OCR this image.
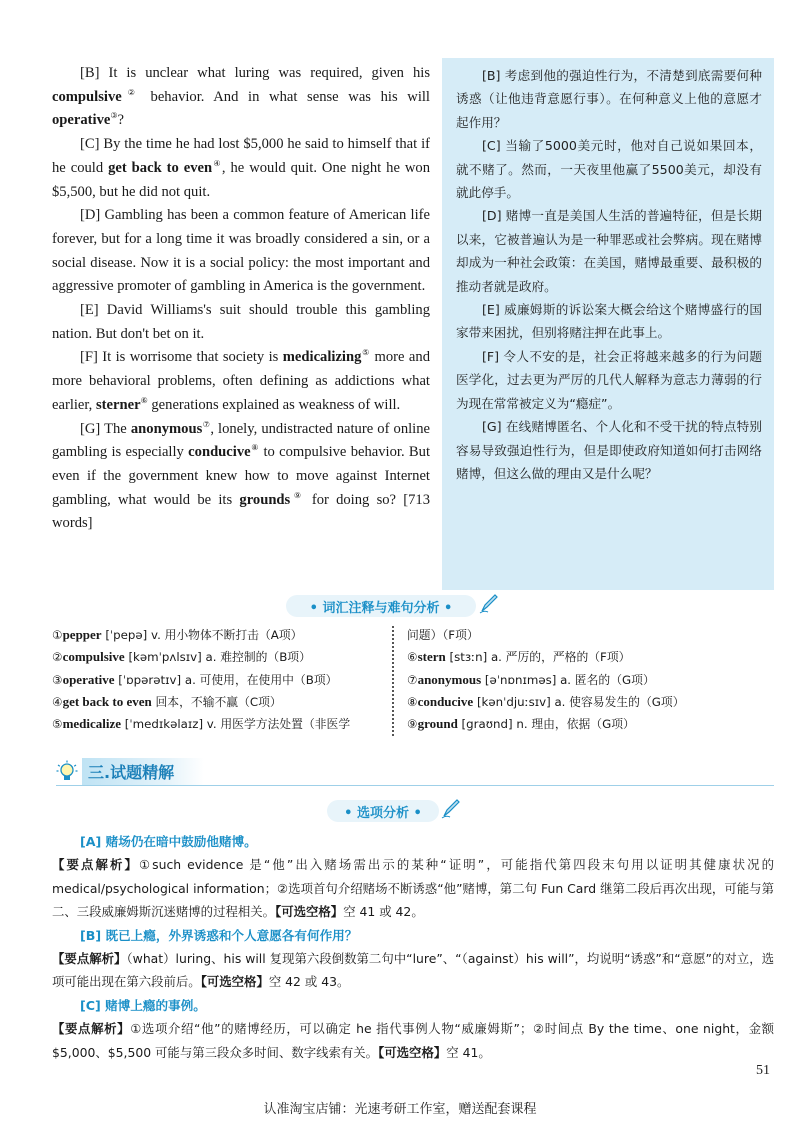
[B] It is unclear what luring was required, given his compulsive② behavior. And in what sense was his will operative③?

[C] By the time he had lost $5,000 he said to himself that if he could get back to even④, he would quit. One night he won $5,500, but he did not quit.

[D] Gambling has been a common feature of American life forever, but for a long time it was broadly considered a sin, or a social disease. Now it is a social policy: the most important and aggressive promoter of gambling in America is the government.

[E] David Williams's suit should trouble this gambling nation. But don't bet on it.

[F] It is worrisome that society is medicalizing⑤ more and more behavioral problems, often defining as addictions what earlier, sterner⑥ generations explained as weakness of will.

[G] The anonymous⑦, lonely, undistracted nature of online gambling is especially conducive⑧ to compulsive behavior. But even if the government knew how to move against Internet gambling, what would be its grounds⑨ for doing so? [713 words]

[B] 考虑到他的强迫性行为，不清楚到底需要何种诱惑（让他违背意愿行事）。在何种意义上他的意愿才起作用？

[C] 当输了5000美元时，他对自己说如果回本，就不赌了。然而，一天夜里他赢了5500美元，却没有就此停手。

[D] 赌博一直是美国人生活的普遍特征，但是长期以来，它被普遍认为是一种罪恶或社会弊病。现在赌博却成为一种社会政策：在美国，赌博最重要、最积极的推动者就是政府。

[E] 威廉姆斯的诉讼案大概会给这个赌博盛行的国家带来困扰，但别将赌注押在此事上。

[F] 令人不安的是，社会正将越来越多的行为问题医学化，过去更为严厉的几代人解释为意志力薄弱的行为现在常常被定义为“瘾症”。

[G] 在线赌博匿名、个人化和不受干扰的特点特别容易导致强迫性行为，但是即使政府知道如何打击网络赌博，但这么做的理由又是什么呢？

• 词汇注释与难句分析 •
①pepper [ˈpepə] v. 用小物体不断打击（A项）
②compulsive [kəmˈpʌlsɪv] a. 难控制的（B项）
③operative [ˈɒpərətɪv] a. 可使用，在使用中（B项）
④get back to even 回本，不输不赢（C项）
⑤medicalize [ˈmedɪkəlaɪz] v. 用医学方法处置（非医学
问题）（F项）
⑥stern [stɜːn] a. 严厉的，严格的（F项）
⑦anonymous [əˈnɒnɪməs] a. 匿名的（G项）
⑧conducive [kənˈdjuːsɪv] a. 使容易发生的（G项）
⑨ground [graʊnd] n. 理由，依据（G项）
三.试题精解
• 选项分析 •
[A] 赌场仍在暗中鼓励他赌博。

【要点解析】①such evidence 是“他”出入赌场需出示的某种“证明”，可能指代第四段末句用以证明其健康状况的 medical/psychological information；②选项首句介绍赌场不断诱惑“他”赌博，第二句 Fun Card 继第二段后再次出现，可能与第二、三段威廉姆斯沉迷赌博的过程相关。【可选空格】空 41 或 42。

[B] 既已上瘾，外界诱惑和个人意愿各有何作用？

【要点解析】（what）luring、his will 复现第六段倒数第二句中“lure”、“（against）his will”，均说明“诱惑”和“意愿”的对立，选项可能出现在第六段前后。【可选空格】空 42 或 43。

[C] 赌博上瘾的事例。

【要点解析】①选项介绍“他”的赌博经历，可以确定 he 指代事例人物“威廉姆斯”；②时间点 By the time、one night，金额 $5,000、$5,500 可能与第三段众多时间、数字线索有关。【可选空格】空 41。

51
认准淘宝店铺：光速考研工作室，赠送配套课程
